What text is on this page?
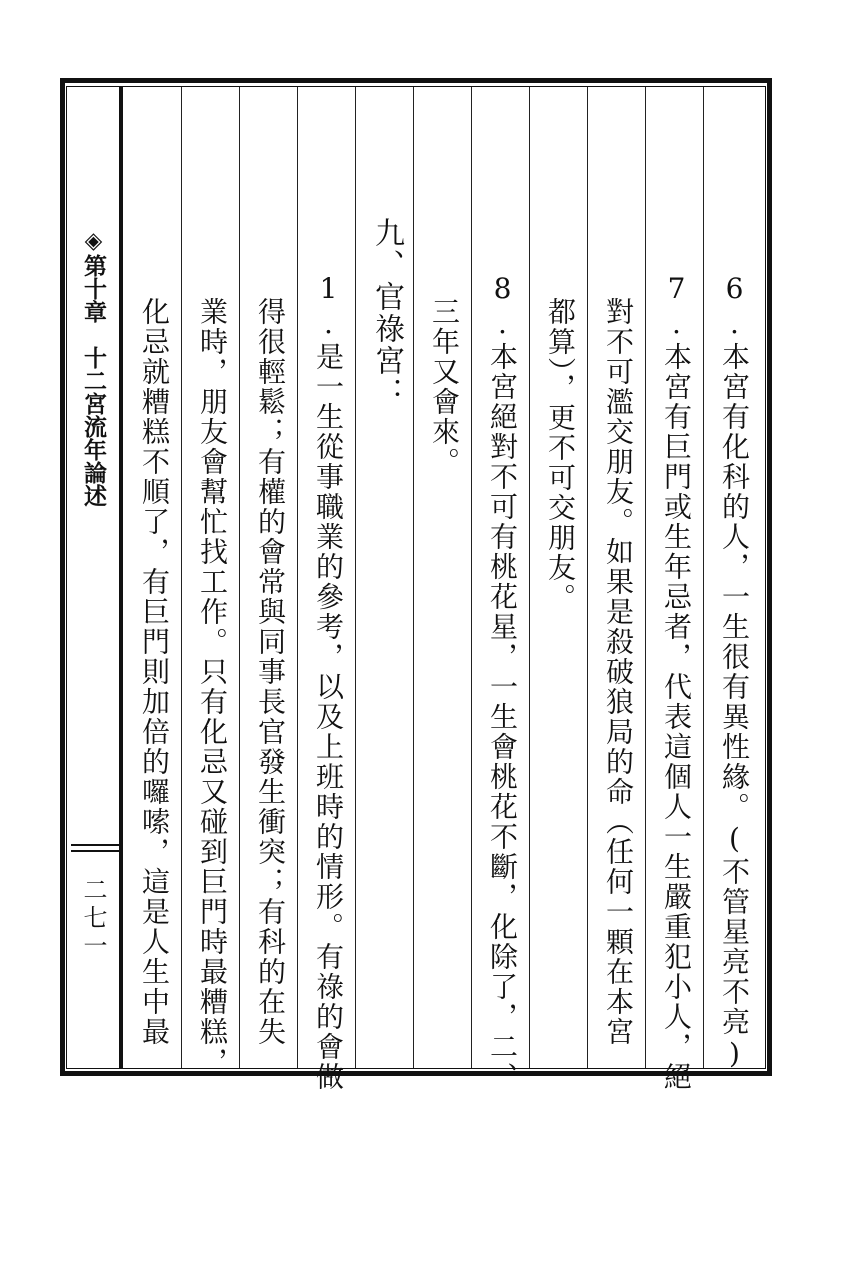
◈第十章　十二宮流年論述
二七一	6.本宮有化科的人，一生很有異性緣。(不管星亮不亮)
7.本宮有巨門或生年忌者，代表這個人一生嚴重犯小人，絕
對不可濫交朋友。如果是殺破狼局的命（任何一顆在本宮
都算），更不可交朋友。
8.本宮絕對不可有桃花星，一生會桃花不斷，化除了，二、
三年又會來。
九、官祿宮：
1.是一生從事職業的參考，以及上班時的情形。有祿的會做
得很輕鬆；有權的會常與同事長官發生衝突；有科的在失
業時，朋友會幫忙找工作。只有化忌又碰到巨門時最糟糕，
化忌就糟糕不順了，有巨門則加倍的囉嗦，這是人生中最
